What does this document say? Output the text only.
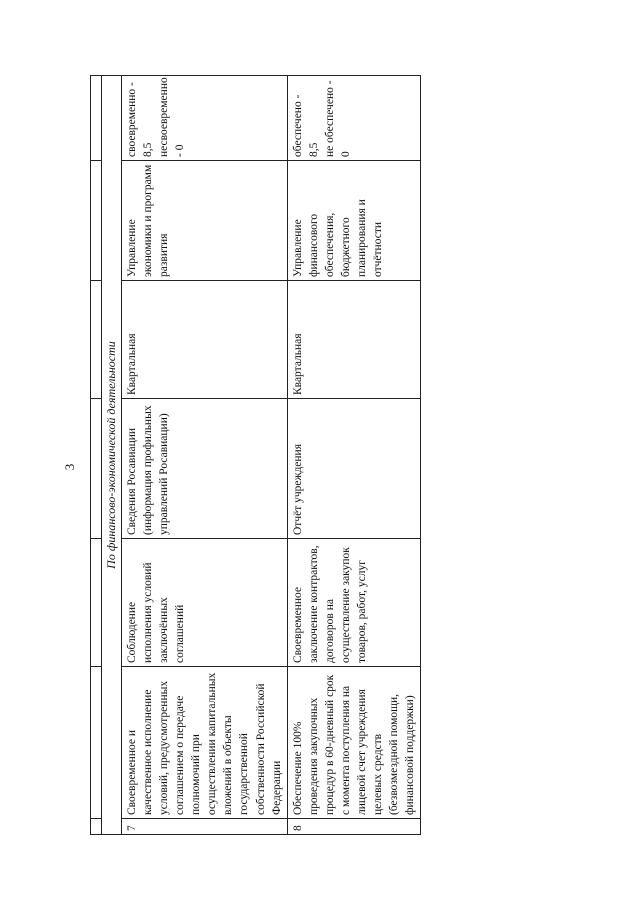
3
						По финансово-экономической деятельности						
7	Своевременное и качественное исполнение условий, предусмотренных соглашением о передаче полномочий при осуществлении капитальных вложений в объекты государственной собственности Российской Федерации	Соблюдение исполнения условий заключённых соглашений	Сведения Росавиации (информация профильных управлений Росавиации)	Квартальная	Управление экономики и программ развития	своевременно - 8,5
несвоевременно - 0
8	Обеспечение 100% проведения закупочных процедур в 60-дневный срок с момента поступления на лицевой счет учреждения целевых средств (безвозмездной помощи, финансовой поддержки)	Своевременное заключение контрактов, договоров на осуществление закупок товаров, работ, услуг	Отчёт учреждения	Квартальная	Управление финансового обеспечения, бюджетного планирования и отчётности	обеспечено - 8,5
не обеспечено - 0
